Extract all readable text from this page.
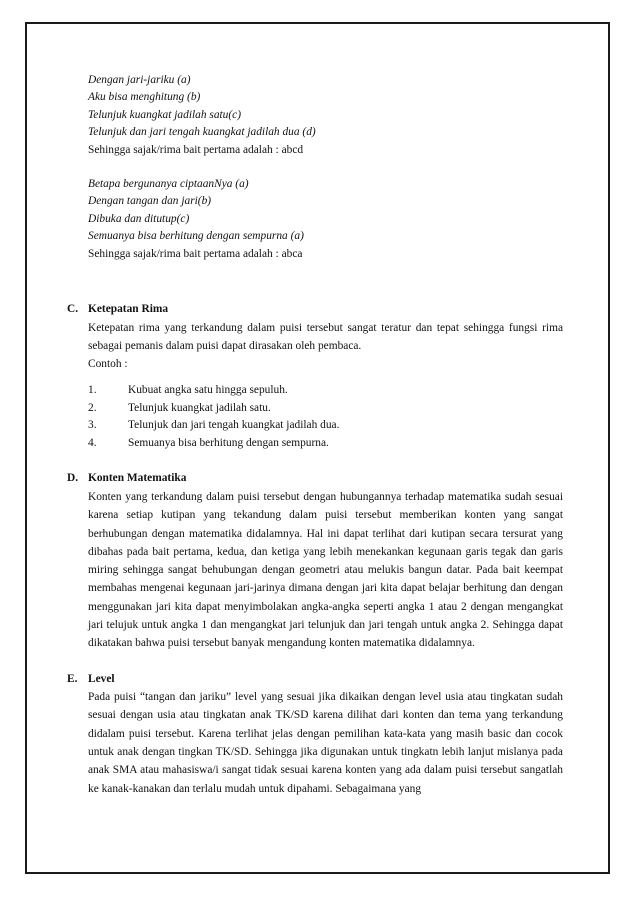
Dengan jari-jariku (a)

Aku bisa menghitung (b)

Telunjuk kuangkat jadilah satu(c)

Telunjuk dan jari tengah kuangkat jadilah dua (d)

Sehingga sajak/rima bait pertama adalah : abcd

Betapa bergunanya ciptaanNya (a)

Dengan tangan dan jari(b)

Dibuka dan ditutup(c)

Semuanya bisa berhitung dengan sempurna (a)

Sehingga sajak/rima bait pertama adalah : abca

C. Ketepatan Rima

Ketepatan rima yang terkandung dalam puisi tersebut sangat teratur dan tepat sehingga fungsi rima sebagai pemanis dalam puisi dapat dirasakan oleh pembaca.

Contoh :

1.	Kubuat angka satu hingga sepuluh.
2.	Telunjuk kuangkat jadilah satu.
3.	Telunjuk dan jari tengah kuangkat jadilah dua.
4.	Semuanya bisa berhitung dengan sempurna.

D. Konten Matematika

Konten yang terkandung dalam puisi tersebut dengan hubungannya terhadap matematika sudah sesuai karena setiap kutipan yang tekandung dalam puisi tersebut memberikan konten yang sangat berhubungan dengan matematika didalamnya. Hal ini dapat terlihat dari kutipan secara tersurat yang dibahas pada bait pertama, kedua, dan ketiga yang lebih menekankan kegunaan garis tegak dan garis miring sehingga sangat behubungan dengan geometri atau melukis bangun datar. Pada bait keempat membahas mengenai kegunaan jari-jarinya dimana dengan jari kita dapat belajar berhitung dan dengan menggunakan jari kita dapat menyimbolakan angka-angka seperti angka 1 atau 2 dengan mengangkat jari telujuk untuk angka 1 dan mengangkat jari telunjuk dan jari tengah untuk angka 2. Sehingga dapat dikatakan bahwa puisi tersebut banyak mengandung konten matematika didalamnya.

E. Level

Pada puisi “tangan dan jariku” level yang sesuai jika dikaikan dengan level usia atau tingkatan sudah sesuai dengan usia atau tingkatan anak TK/SD karena dilihat dari konten dan tema yang terkandung didalam puisi tersebut. Karena terlihat jelas dengan pemilihan kata-kata yang masih basic dan cocok untuk anak dengan tingkan TK/SD. Sehingga jika digunakan untuk tingkatn lebih lanjut mislanya pada anak SMA atau mahasiswa/i sangat tidak sesuai karena konten yang ada dalam puisi tersebut sangatlah ke kanak-kanakan dan terlalu mudah untuk dipahami. Sebagaimana yang
